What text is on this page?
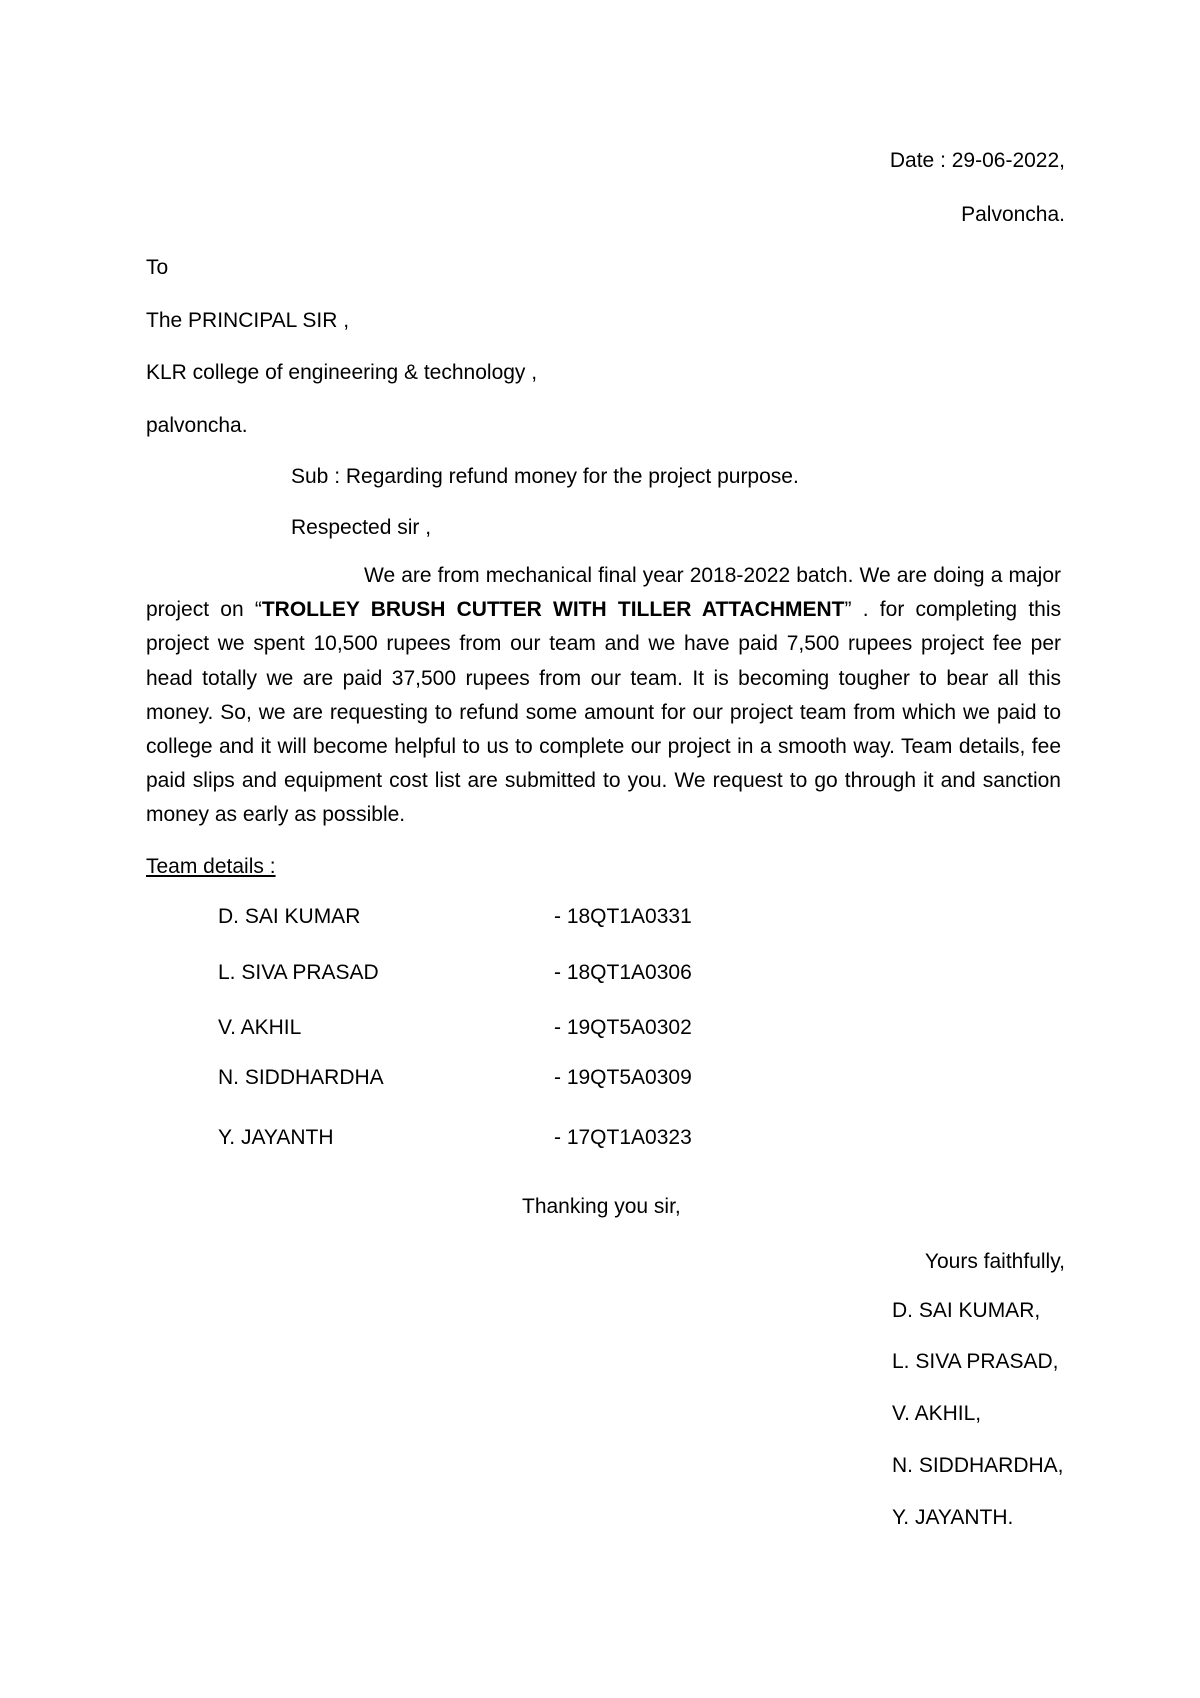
Date : 29-06-2022,
Palvoncha.
To
The PRINCIPAL SIR ,
KLR college of engineering & technology ,
palvoncha.
Sub : Regarding refund money for the project purpose.
Respected sir ,
We are from mechanical final year 2018-2022 batch. We are doing a major project on “TROLLEY BRUSH CUTTER WITH TILLER ATTACHMENT” . for completing this project we spent 10,500 rupees from our team and we have paid 7,500 rupees project fee per head totally we are paid 37,500 rupees from our team. It is becoming tougher to bear all this money. So, we are requesting to refund some amount for our project team from which we paid to college and it will become helpful to us to complete our project in a smooth way. Team details, fee paid slips and equipment cost list are submitted to you. We request to go through it and sanction money as early as possible.
Team details :
D. SAI KUMAR	- 18QT1A0331
L. SIVA PRASAD	- 18QT1A0306
V. AKHIL	- 19QT5A0302
N. SIDDHARDHA	- 19QT5A0309
Y. JAYANTH	- 17QT1A0323
Thanking you sir,
Yours faithfully,
D. SAI KUMAR,
L. SIVA PRASAD,
V. AKHIL,
N. SIDDHARDHA,
Y. JAYANTH.
